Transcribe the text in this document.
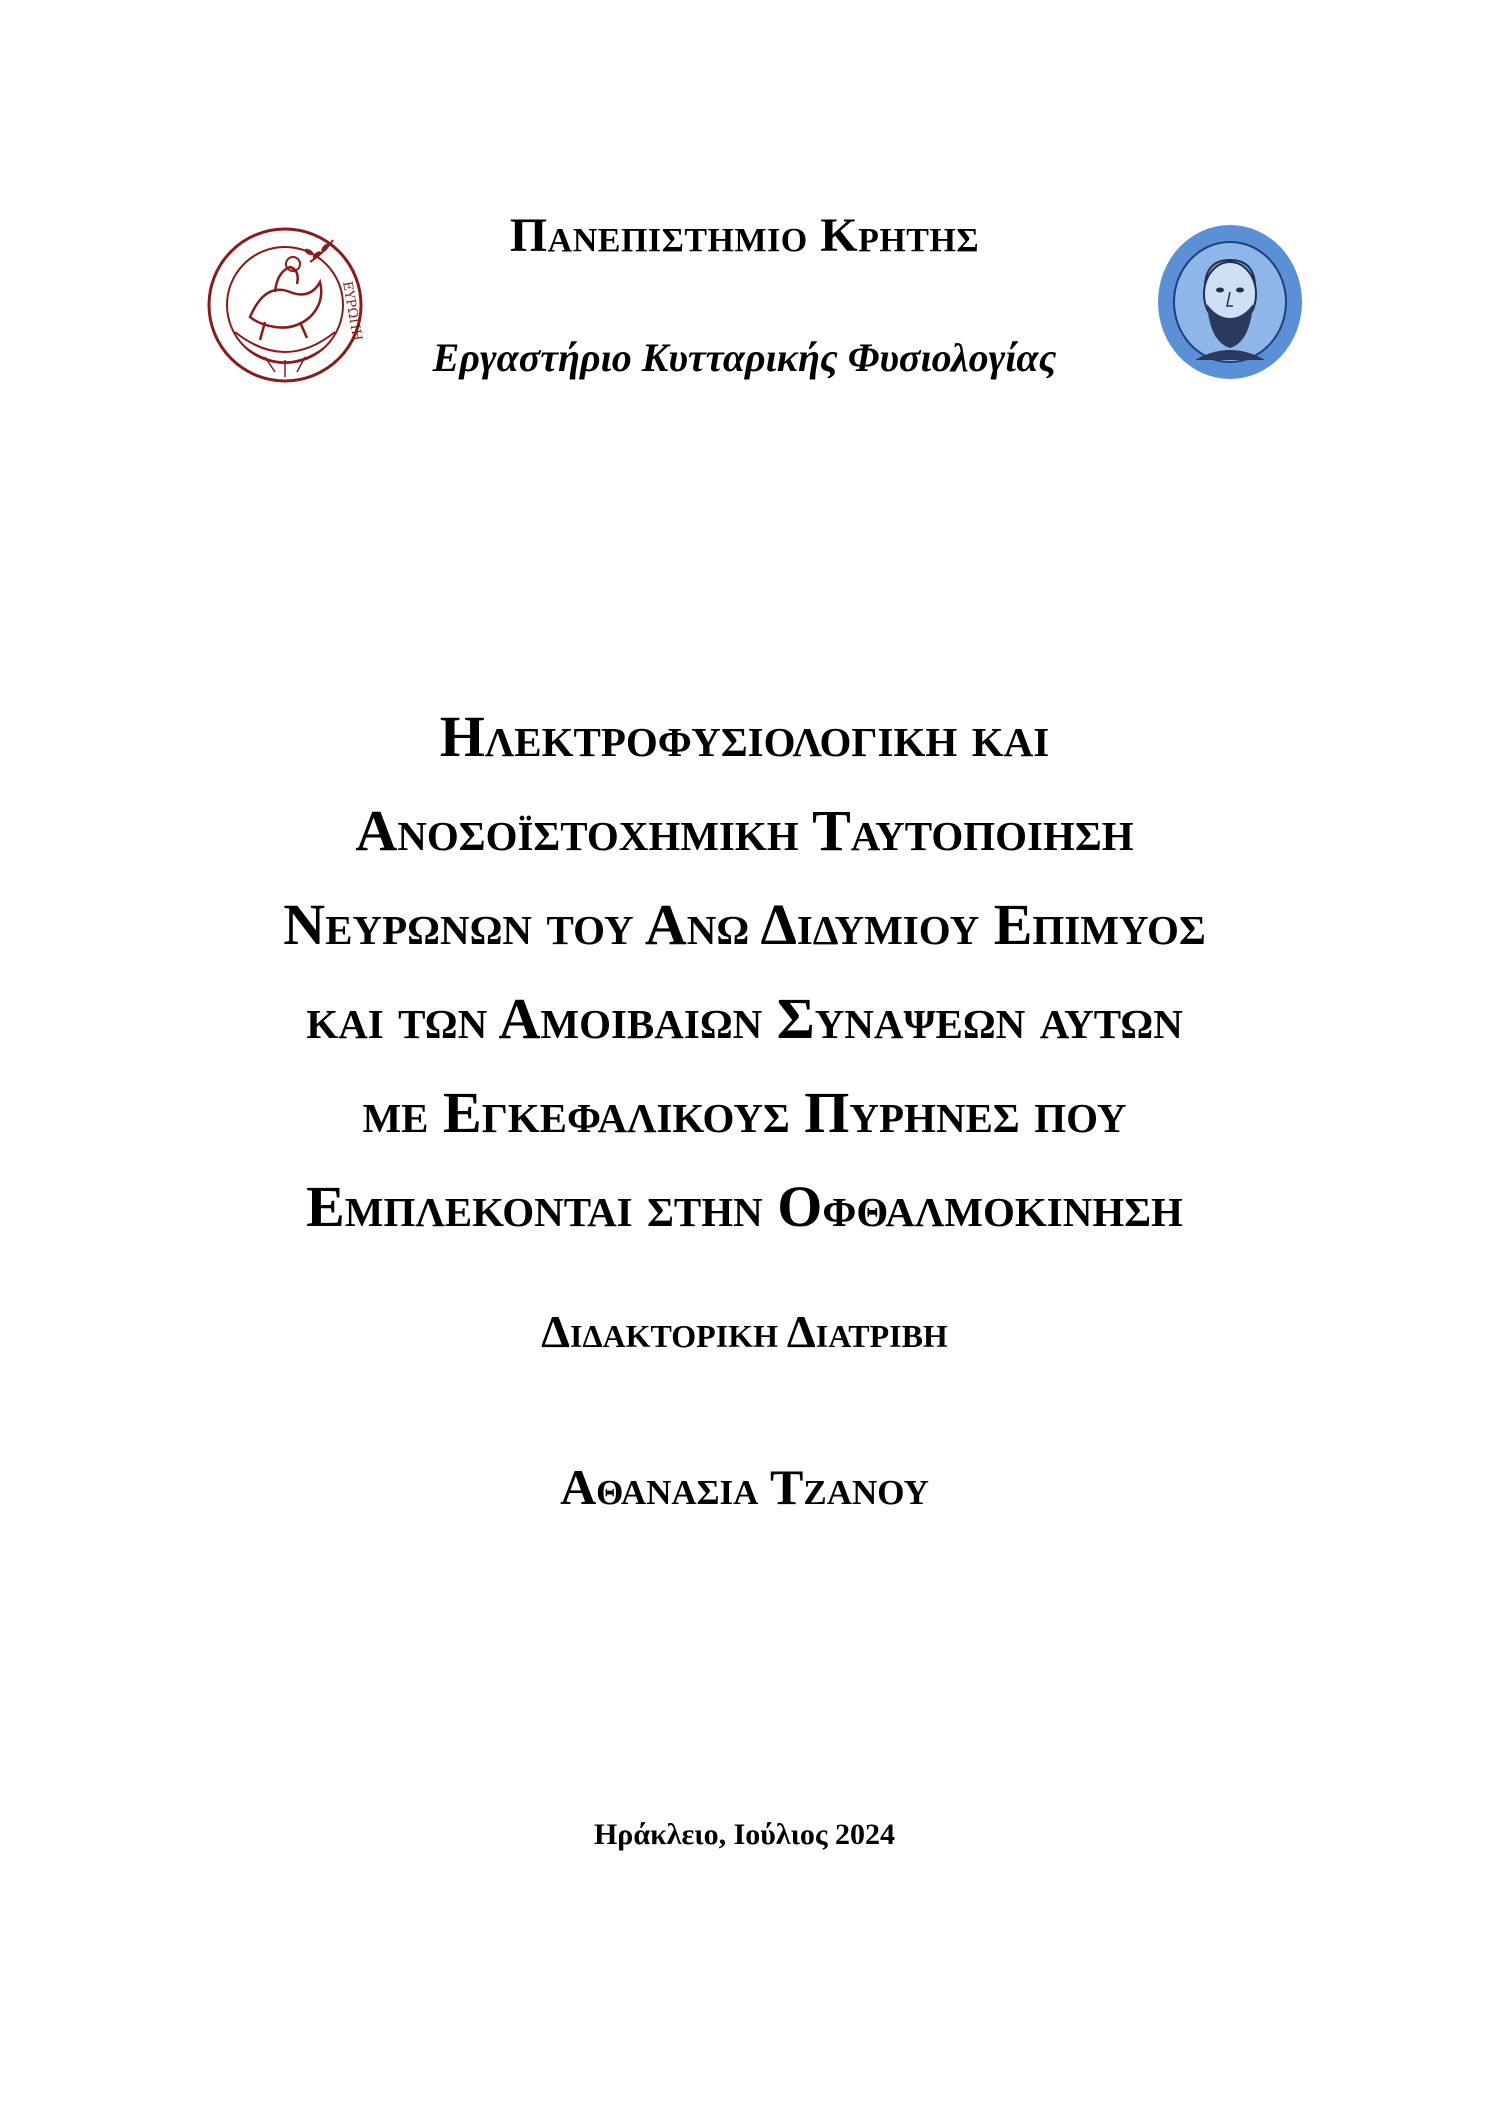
ΕΥΡΩΠΗ
Πανεπιστημιο Κρητης
Εργαστήριο Κυτταρικής Φυσιολογίας
Ηλεκτροφυσιολογικη και
Ανοσοϊστοχημικη Ταυτοποιηση
Νευρωνων του Ανω Διδυμιου Επιμυος
και των Αμοιβαιων Συναψεων αυτων
με Εγκεφαλικους Πυρηνες που
Εμπλεκονται στην Οφθαλμοκινηση
Διδακτορικη Διατριβη
Αθανασια Τζανου
Ηράκλειο, Ιούλιος 2024
